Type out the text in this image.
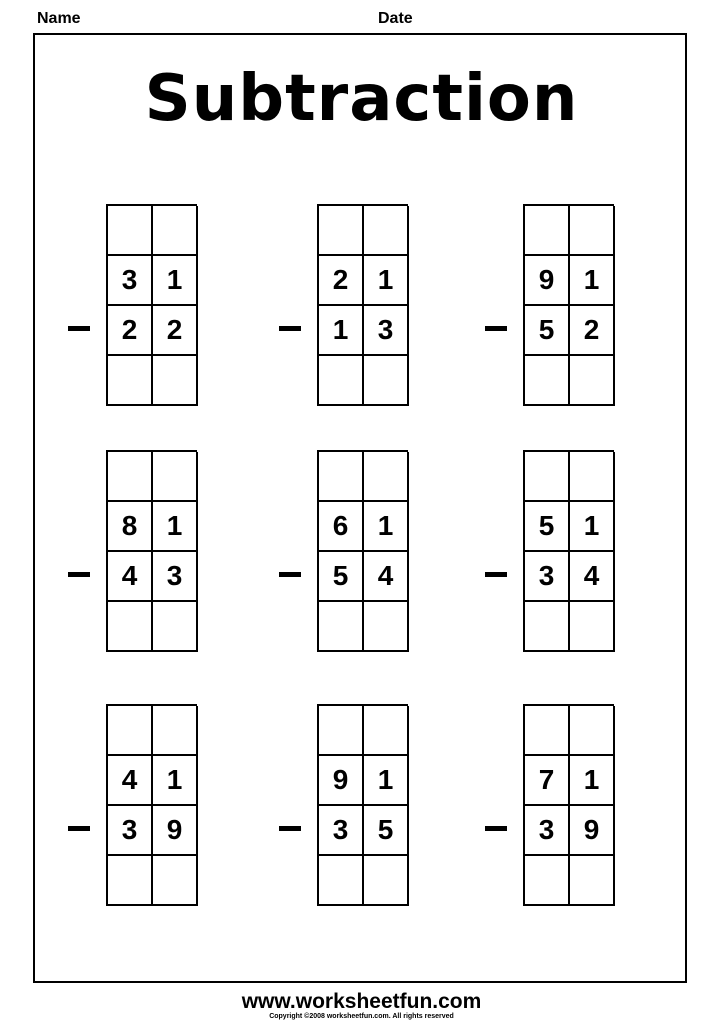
Name	Date
Subtraction
3	1
2	2
2	1
1	3
9	1
5	2
8	1
4	3
6	1
5	4
5	1
3	4
4	1
3	9
9	1
3	5
7	1
3	9
www.worksheetfun.com
Copyright ©2008 worksheetfun.com. All rights reserved
